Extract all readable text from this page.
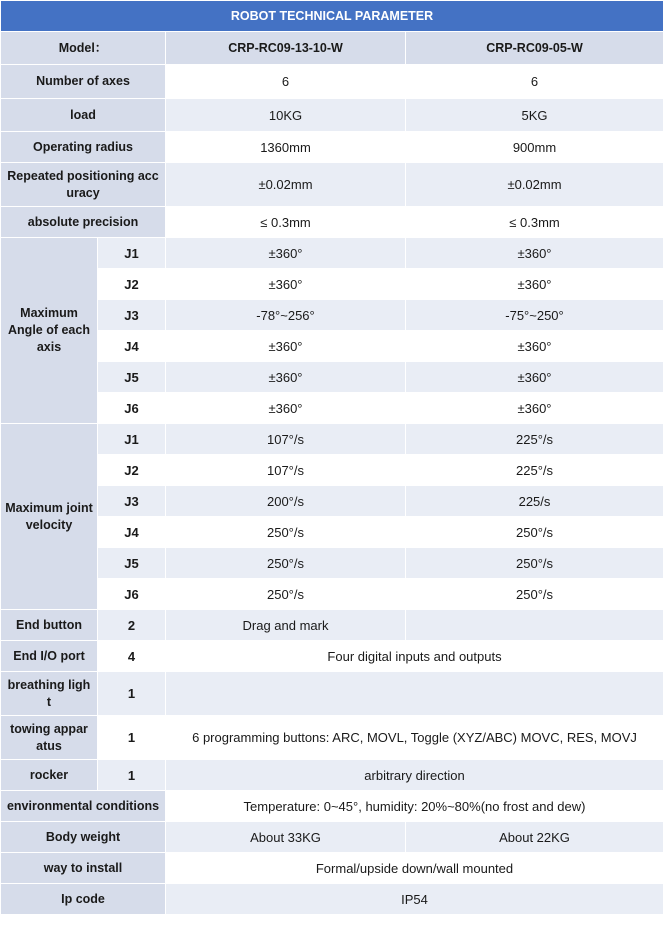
ROBOT TECHNICAL PARAMETER			
Model：		CRP-RC09-13-10-W	CRP-RC09-05-W
Number of axes		6	6
load		10KG	5KG
Operating radius		1360mm	900mm
Repeated positioning acc uracy		±0.02mm	±0.02mm
absolute precision		≤ 0.3mm	≤ 0.3mm
Maximum Angle of each axis	J1	±360°	±360°
	J2	±360°	±360°
	J3	-78°~256°	-75°~250°
	J4	±360°	±360°
	J5	±360°	±360°
	J6	±360°	±360°
Maximum joint velocity	J1	107°/s	225°/s
	J2	107°/s	225°/s
	J3	200°/s	225/s
	J4	250°/s	250°/s
	J5	250°/s	250°/s
	J6	250°/s	250°/s
End button	2	Drag and mark	
End I/O port	4	Four digital inputs and outputs	
breathing ligh t	1		
towing appar atus	1	6 programming buttons: ARC, MOVL, Toggle (XYZ/ABC) MOVC, RES, MOVJ	
rocker	1	arbitrary direction	
environmental conditions		Temperature: 0~45°, humidity: 20%~80%(no frost and dew)	
Body weight		About 33KG	About 22KG
way to install		Formal/upside down/wall mounted	
Ip code		IP54	
